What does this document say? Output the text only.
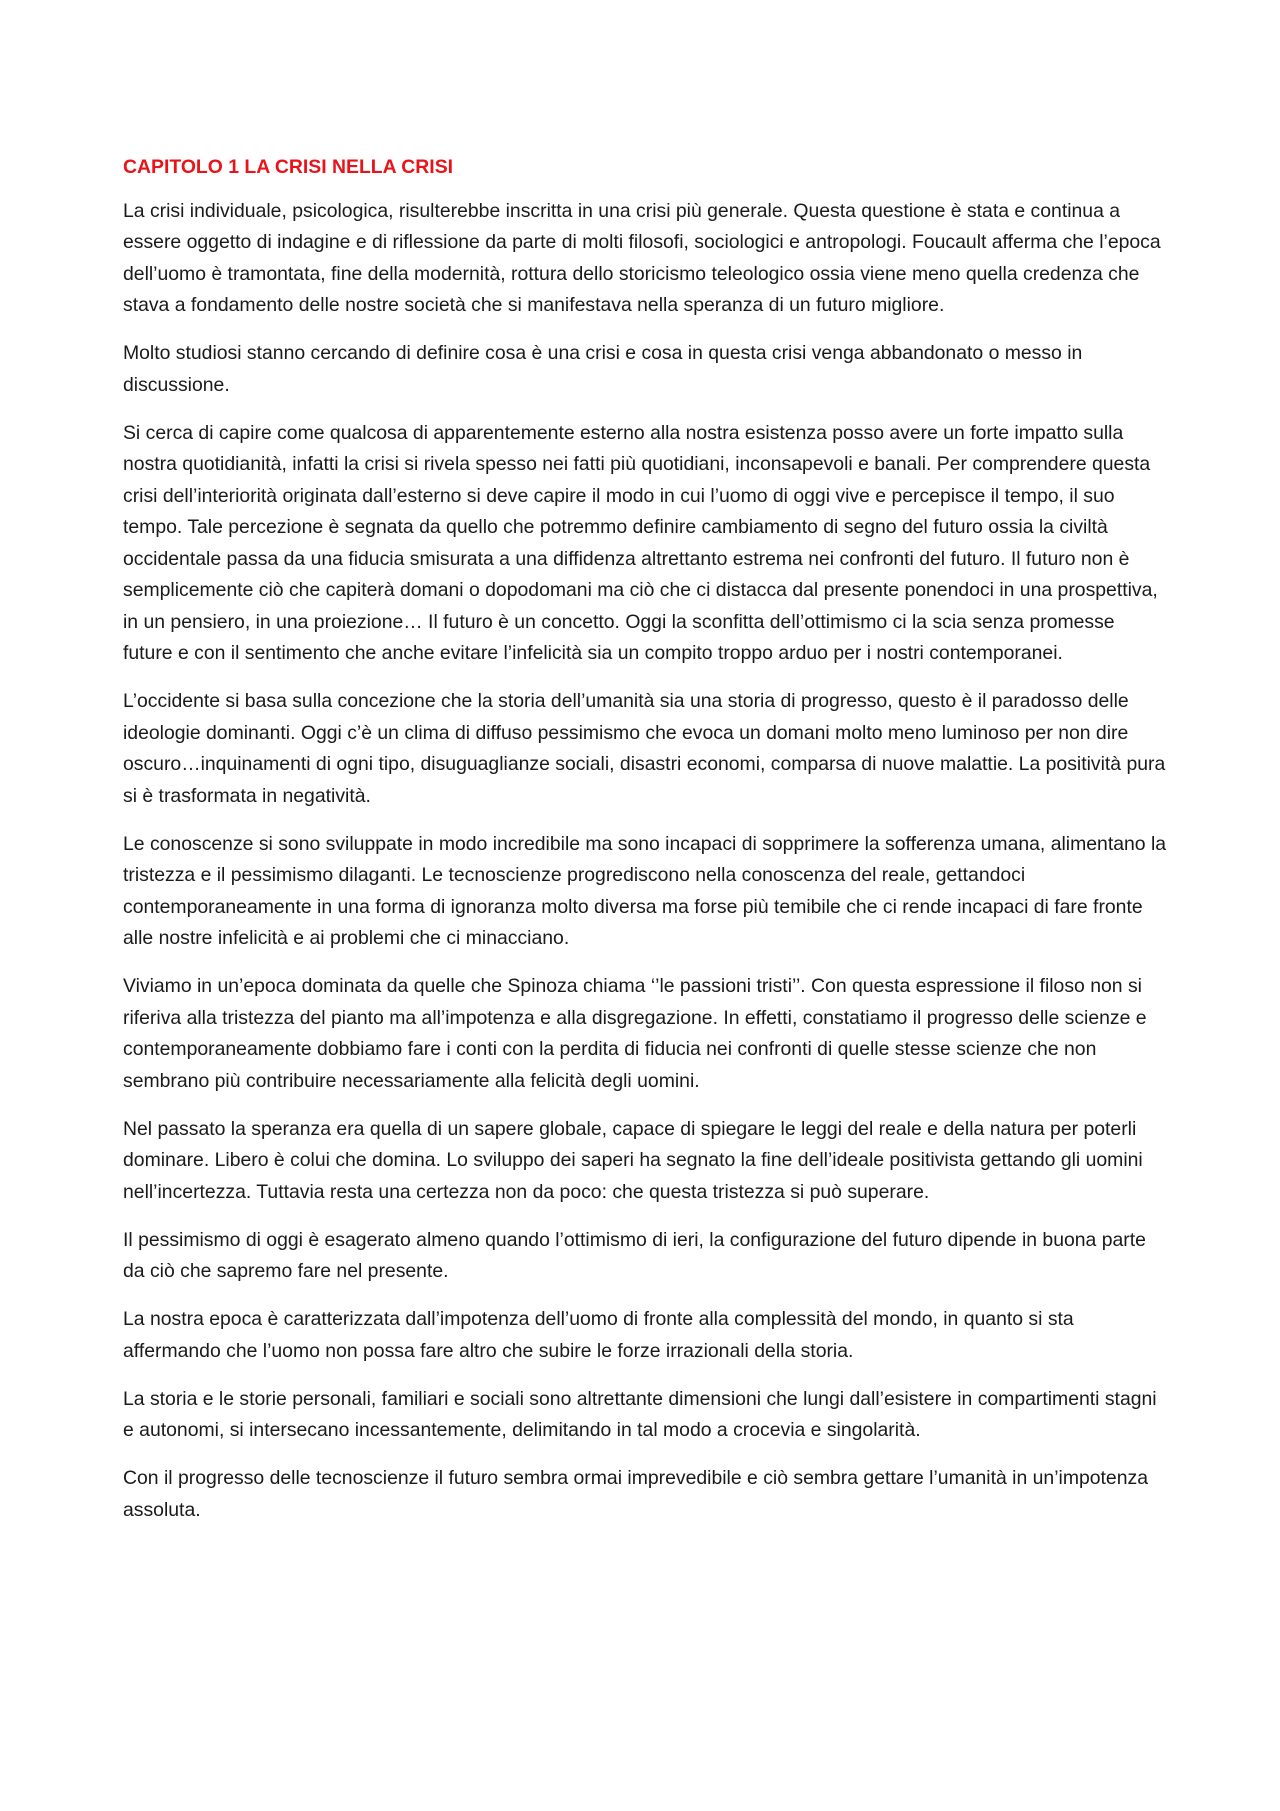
CAPITOLO 1 LA CRISI NELLA CRISI

La crisi individuale, psicologica, risulterebbe inscritta in una crisi più generale. Questa questione è stata e continua a essere oggetto di indagine e di riflessione da parte di molti filosofi, sociologici e antropologi. Foucault afferma che l’epoca dell’uomo è tramontata, fine della modernità, rottura dello storicismo teleologico ossia viene meno quella credenza che stava a fondamento delle nostre società che si manifestava nella speranza di un futuro migliore.

Molto studiosi stanno cercando di definire cosa è una crisi e cosa in questa crisi venga abbandonato o messo in discussione.

Si cerca di capire come qualcosa di apparentemente esterno alla nostra esistenza posso avere un forte impatto sulla nostra quotidianità, infatti la crisi si rivela spesso nei fatti più quotidiani, inconsapevoli e banali. Per comprendere questa crisi dell’interiorità originata dall’esterno si deve capire il modo in cui l’uomo di oggi vive e percepisce il tempo, il suo tempo. Tale percezione è segnata da quello che potremmo definire cambiamento di segno del futuro ossia la civiltà occidentale passa da una fiducia smisurata a una diffidenza altrettanto estrema nei confronti del futuro. Il futuro non è semplicemente ciò che capiterà domani o dopodomani ma ciò che ci distacca dal presente ponendoci in una prospettiva, in un pensiero, in una proiezione… Il futuro è un concetto. Oggi la sconfitta dell’ottimismo ci la scia senza promesse future e con il sentimento che anche evitare l’infelicità sia un compito troppo arduo per i nostri contemporanei.

L’occidente si basa sulla concezione che la storia dell’umanità sia una storia di progresso, questo è il paradosso delle ideologie dominanti. Oggi c’è un clima di diffuso pessimismo che evoca un domani molto meno luminoso per non dire oscuro…inquinamenti di ogni tipo, disuguaglianze sociali, disastri economi, comparsa di nuove malattie. La positività pura si è trasformata in negatività.

Le conoscenze si sono sviluppate in modo incredibile ma sono incapaci di sopprimere la sofferenza umana, alimentano la tristezza e il pessimismo dilaganti. Le tecnoscienze progrediscono nella conoscenza del reale, gettandoci contemporaneamente in una forma di ignoranza molto diversa ma forse più temibile che ci rende incapaci di fare fronte alle nostre infelicità e ai problemi che ci minacciano.

Viviamo in un’epoca dominata da quelle che Spinoza chiama ‘’le passioni tristi’’. Con questa espressione il filoso non si riferiva alla tristezza del pianto ma all’impotenza e alla disgregazione. In effetti, constatiamo il progresso delle scienze e contemporaneamente dobbiamo fare i conti con la perdita di fiducia nei confronti di quelle stesse scienze che non sembrano più contribuire necessariamente alla felicità degli uomini.

Nel passato la speranza era quella di un sapere globale, capace di spiegare le leggi del reale e della natura per poterli dominare. Libero è colui che domina. Lo sviluppo dei saperi ha segnato la fine dell’ideale positivista gettando gli uomini nell’incertezza. Tuttavia resta una certezza non da poco: che questa tristezza si può superare.

Il pessimismo di oggi è esagerato almeno quando l’ottimismo di ieri, la configurazione del futuro dipende in buona parte da ciò che sapremo fare nel presente.

La nostra epoca è caratterizzata dall’impotenza dell’uomo di fronte alla complessità del mondo, in quanto si sta affermando che l’uomo non possa fare altro che subire le forze irrazionali della storia.

La storia e le storie personali, familiari e sociali sono altrettante dimensioni che lungi dall’esistere in compartimenti stagni e autonomi, si intersecano incessantemente, delimitando in tal modo a crocevia e singolarità.

Con il progresso delle tecnoscienze il futuro sembra ormai imprevedibile e ciò sembra gettare l’umanità in un’impotenza assoluta.
